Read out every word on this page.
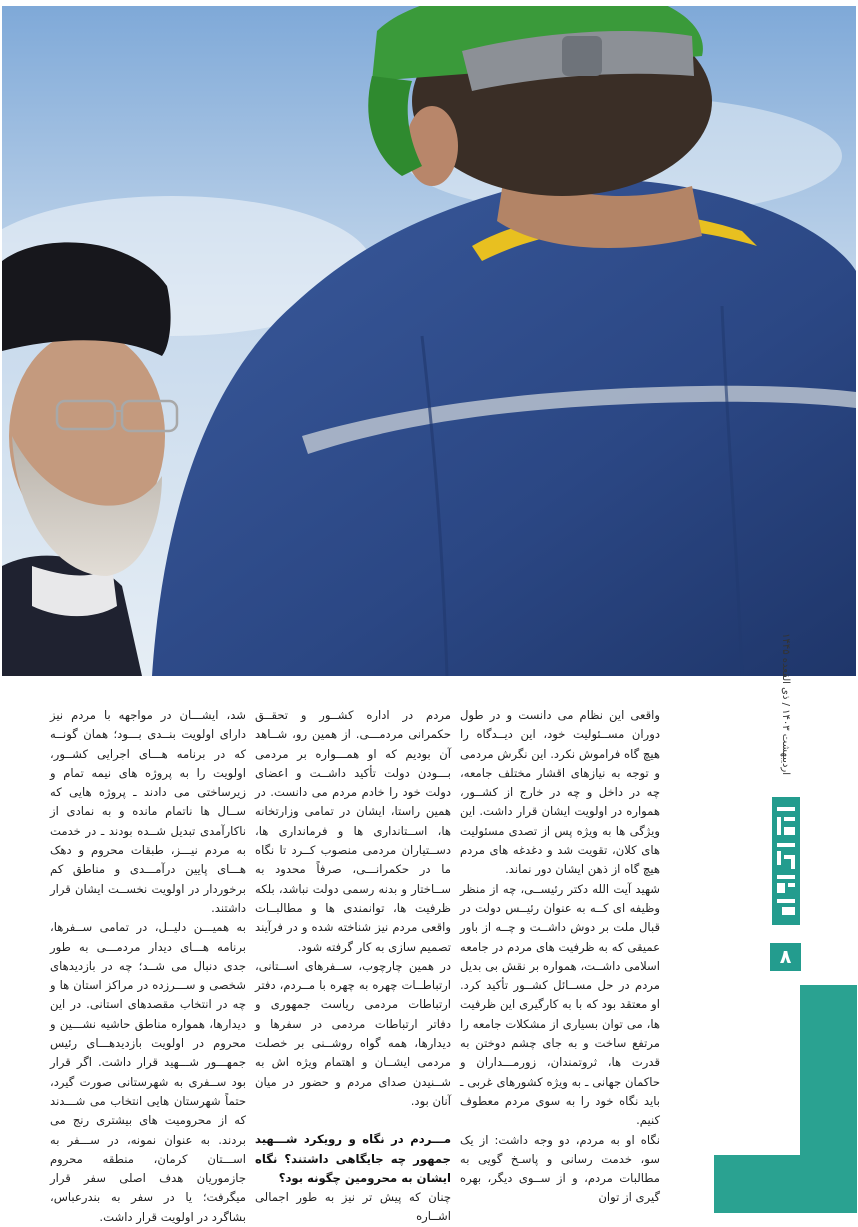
اردیبهشت ۱۴۰۳ / ذی القعده ۱۴۴۵
۸

واقعی این نظام می دانست و در طول دوران مســئولیت خود، این دیــدگاه را هیچ گاه فراموش نکرد. این نگرش مردمی و توجه به نیازهای اقشار مختلف جامعه، چه در داخل و چه در خارج از کشــور، همواره در اولویت ایشان قرار داشت. این ویژگی ها به ویژه پس از تصدی مسئولیت های کلان، تقویت شد و دغدغه های مردم هیچ گاه از ذهن ایشان دور نماند.

شهید آیت الله دکتر رئیســی، چه از منظر وظیفه ای کــه به عنوان رئیــس دولت در قبال ملت بر دوش داشــت و چــه از باور عمیقی که به ظرفیت های مردم در جامعه اسلامی داشــت، همواره بر نقش بی بدیل مردم در حل مســائل کشــور تأکید کرد. او معتقد بود که با به کارگیری این ظرفیت ها، می توان بسیاری از مشکلات جامعه را مرتفع ساخت و به جای چشم دوختن به قدرت ها، ثروتمندان، زورمـــداران و حاکمان جهانی ـ به ویژه کشورهای غربی ـ باید نگاه خود را به سوی مردم معطوف کنیم.

نگاه او به مردم، دو وجه داشت: از یک سو، خدمت رسانی و پاسـخ گویی به مطالبات مردم، و از ســوی دیگر، بهره گیری از توان

مردم در اداره کشــور و تحقــق حکمرانی مردمـــی. از همین رو، شــاهد آن بودیم که او همـــواره بر مردمی بـــودن دولت تأکید داشــت و اعضای دولت خود را خادم مردم می دانست. در همین راستا، ایشان در تمامی وزارتخانه ها، اســتانداری ها و فرمانداری ها، دســتیاران مردمی منصوب کــرد تا نگاه ما در حکمرانـــی، صرفاً محدود به ســاختار و بدنه رسمی دولت نباشد، بلکه ظرفیت ها، توانمندی ها و مطالبــات واقعی مردم نیز شناخته شده و در فرآیند تصمیم سازی به کار گرفته شود.

در همین چارچوب، ســفرهای اســتانی، ارتباطــات چهره به چهره با مــردم، دفتر ارتباطات مردمی ریاست جمهوری و دفاتر ارتباطات مردمی در سفرها و دیدارها، همه گواه روشــنی بر خصلت مردمی ایشــان و اهتمام ویژه اش به شــنیدن صدای مردم و حضور در میان آنان بود.

مـــردم در نگاه و رویکرد شـــهید جمهور چه جایگاهی داشتند؟ نگاه ایشان به محرومین چگونه بود؟

چنان که پیش تر نیز به طور اجمالی اشــاره

شد، ایشـــان در مواجهه با مردم نیز دارای اولویت بنــدی بـــود؛ همان گونــه که در برنامه هـــای اجرایی کشــور، اولویت را به پروژه های نیمه تمام و زیرساختی می دادند ـ پروژه هایی که ســال ها ناتمام مانده و به نمادی از ناکارآمدی تبدیل شــده بودند ـ در خدمت به مردم نیـــز، طبقات محروم و دهک هـــای پایین درآمـــدی و مناطق کم برخوردار در اولویت نخســت ایشان قرار داشتند.

به همیـــن دلیــل، در تمامی ســفرها، برنامه هـــای دیدار مردمـــی به طور جدی دنبال می شــد؛ چه در بازدیدهای شخصی و ســـرزده در مراکز استان ها و چه در انتخاب مقصدهای استانی. در این دیدارها، همواره مناطق حاشیه نشـــین و محروم در اولویت بازدیدهـــای رئیس جمهـــور شـــهید قرار داشت. اگر قرار بود ســفری به شهرستانی صورت گیرد، حتماً شهرستان هایی انتخاب می شـــدند که از محرومیت های بیشتری رنج می بردند. به عنوان نمونه، در ســـفر به اســـتان کرمان، منطقه محروم جازموریان هدف اصلی سفر قرار میگرفت؛ یا در سفر به بندرعباس، بشاگرد در اولویت قرار داشت.
